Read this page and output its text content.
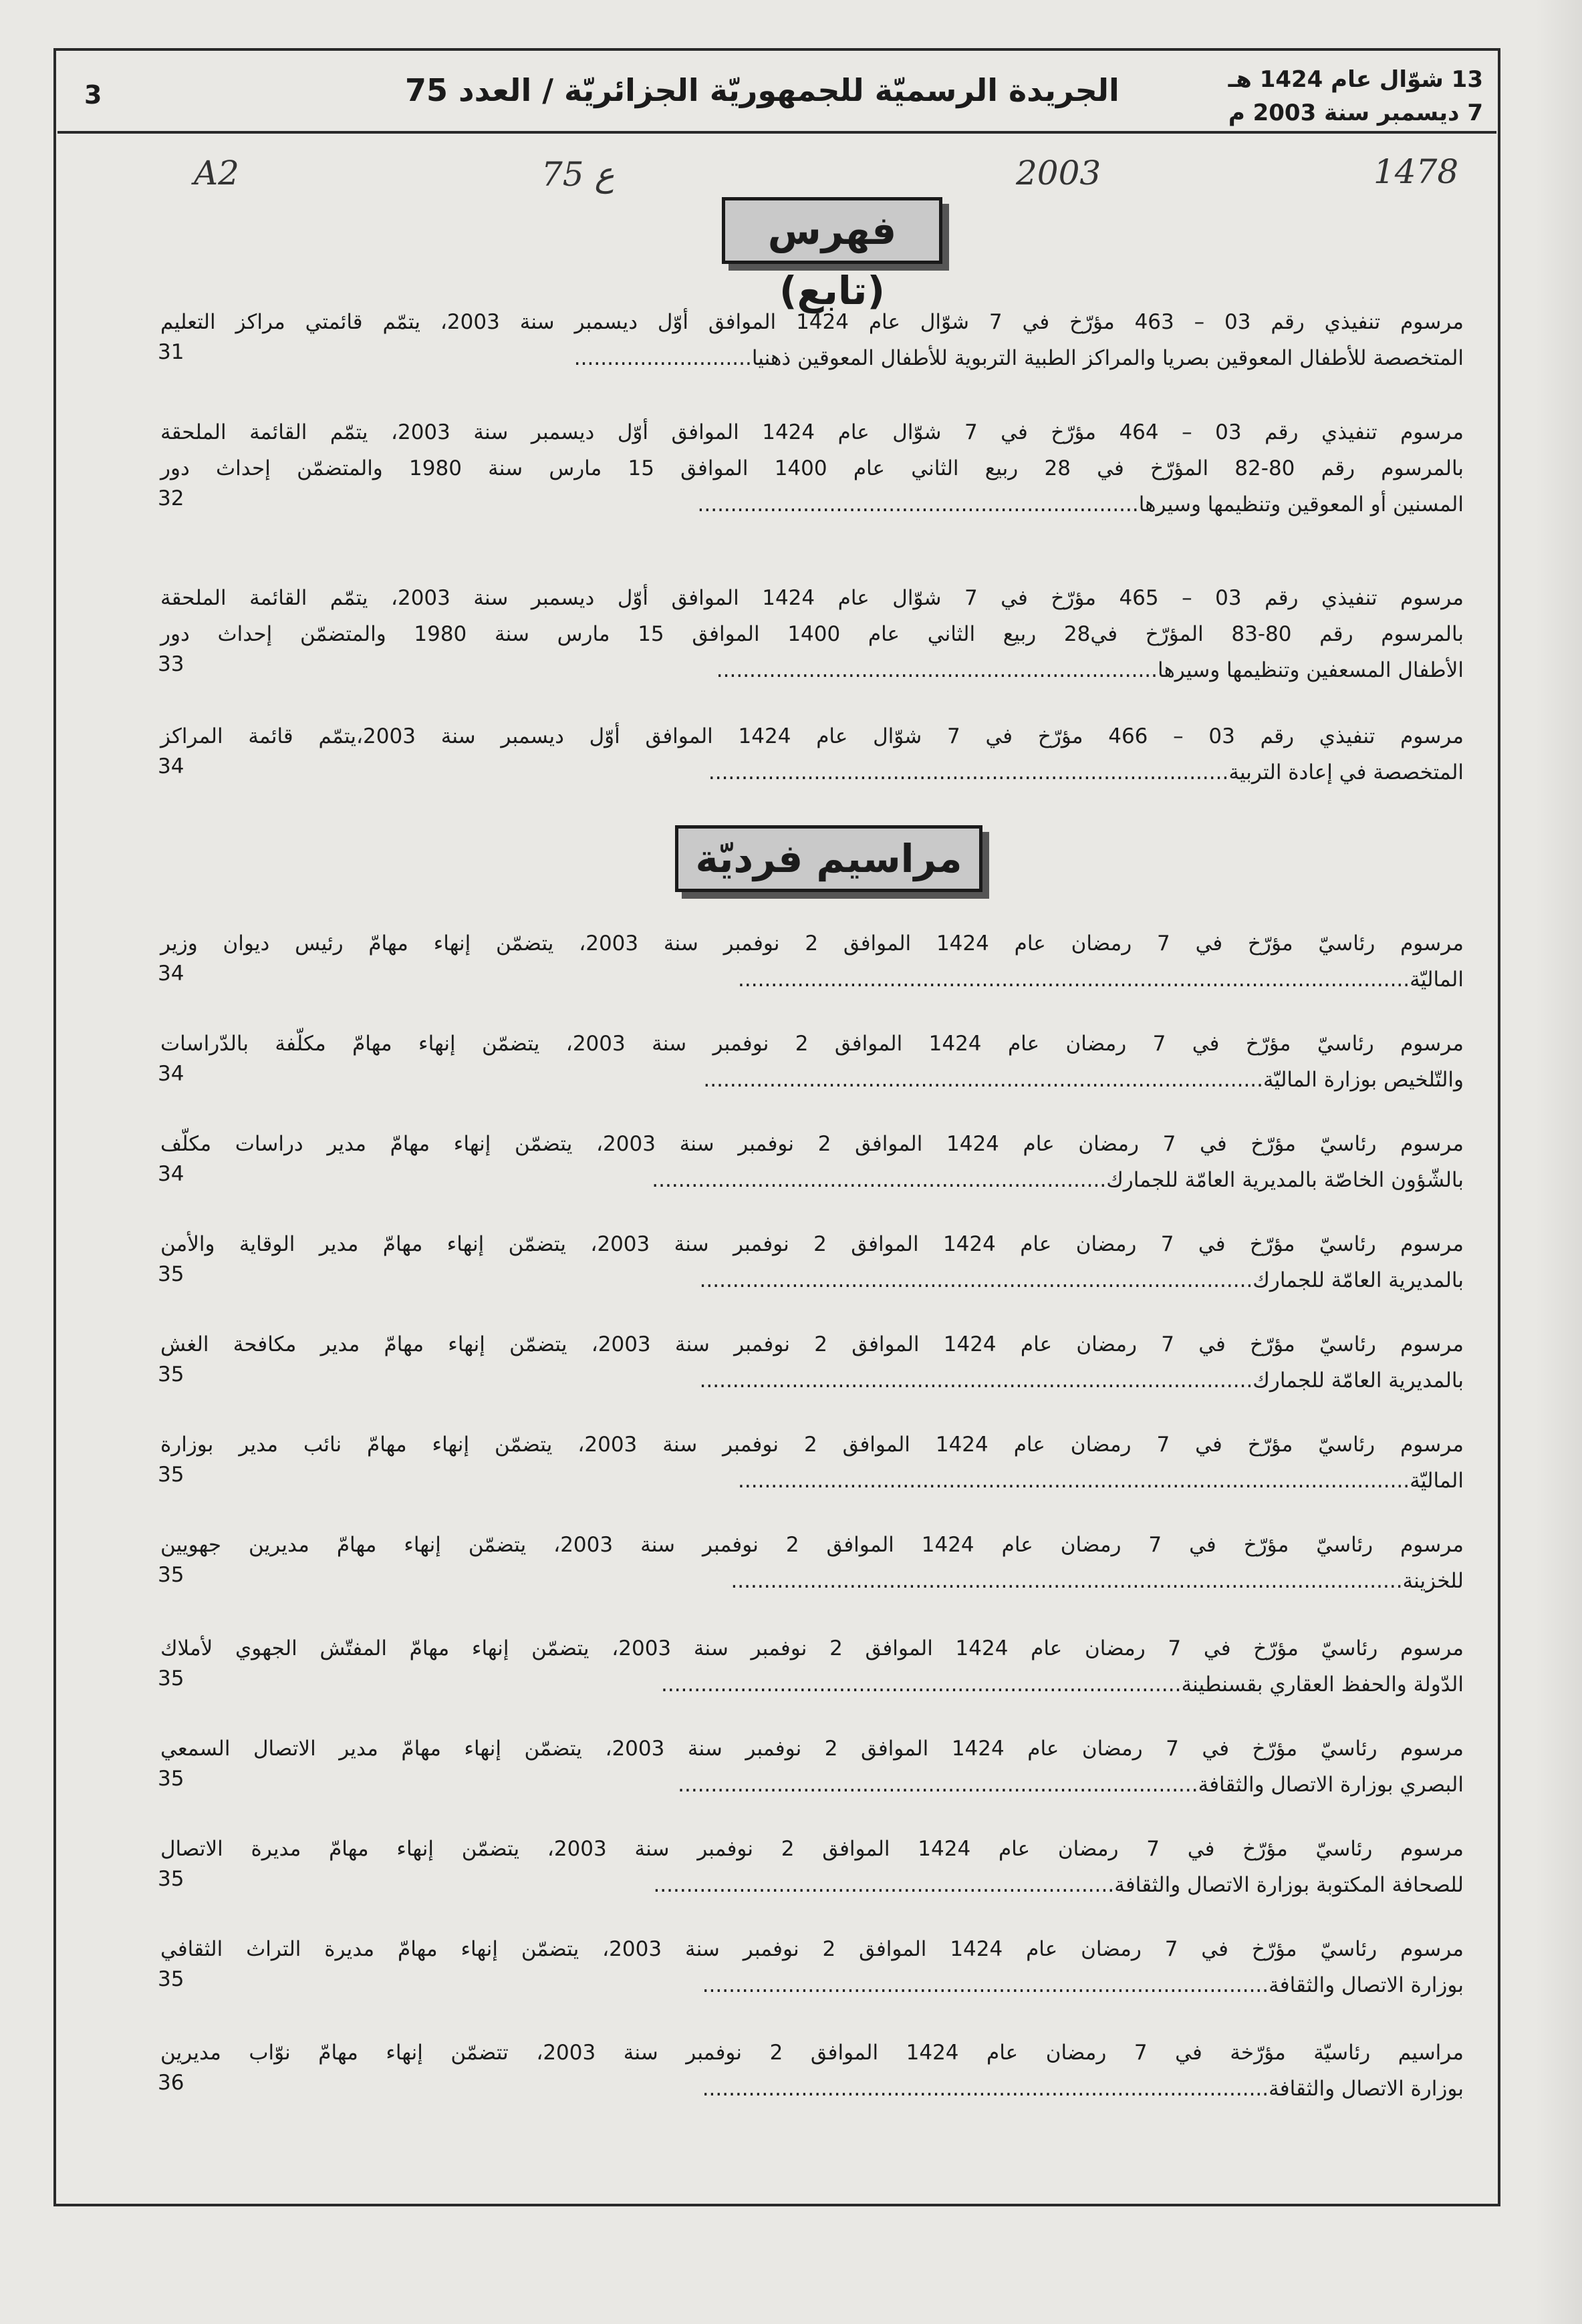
3	الجريدة الرسميّة للجمهوريّة الجزائريّة / العدد 75	13 شوّال عام 1424 هـ
7 ديسمبر سنة 2003 م
A2	75 ع	2003	1478
فهرس (تابع)
مرسوم تنفيذي رقم 03 – 463 مؤرّخ في 7 شوّال عام 1424 الموافق أوّل ديسمبر سنة 2003، يتمّم قائمتي مراكز التعليم
المتخصصة للأطفال المعوقين بصريا والمراكز الطبية التربوية للأطفال المعوقين ذهنيا...........................
31
مرسوم تنفيذي رقم 03 – 464 مؤرّخ في 7 شوّال عام 1424 الموافق أوّل ديسمبر سنة 2003، يتمّم القائمة الملحقة
بالمرسوم رقم 80-82 المؤرّخ في 28 ربيع الثاني عام 1400 الموافق 15 مارس سنة 1980 والمتضمّن إحداث دور
المسنين أو المعوقين وتنظيمها وسيرها...................................................................
32
مرسوم تنفيذي رقم 03 – 465 مؤرّخ في 7 شوّال عام 1424 الموافق أوّل ديسمبر سنة 2003، يتمّم القائمة الملحقة
بالمرسوم رقم 80-83 المؤرّخ في28 ربيع الثاني عام 1400 الموافق 15 مارس سنة 1980 والمتضمّن إحداث دور
الأطفال المسعفين وتنظيمها وسيرها...................................................................
33
مرسوم تنفيذي رقم 03 – 466 مؤرّخ في 7 شوّال عام 1424 الموافق أوّل ديسمبر سنة 2003،يتمّم قائمة المراكز
المتخصصة في إعادة التربية...............................................................................
34
مراسيم فرديّة
مرسوم رئاسيّ مؤرّخ في 7 رمضان عام 1424 الموافق 2 نوفمبر سنة 2003، يتضمّن إنهاء مهامّ رئيس ديوان وزير
الماليّة......................................................................................................
34
مرسوم رئاسيّ مؤرّخ في 7 رمضان عام 1424 الموافق 2 نوفمبر سنة 2003، يتضمّن إنهاء مهامّ مكلّفة بالدّراسات
والتّلخيص بوزارة الماليّة.....................................................................................
34
مرسوم رئاسيّ مؤرّخ في 7 رمضان عام 1424 الموافق 2 نوفمبر سنة 2003، يتضمّن إنهاء مهامّ مدير دراسات مكلّف
بالشّؤون الخاصّة بالمديرية العامّة للجمارك.....................................................................
34
مرسوم رئاسيّ مؤرّخ في 7 رمضان عام 1424 الموافق 2 نوفمبر سنة 2003، يتضمّن إنهاء مهامّ مدير الوقاية والأمن
بالمديرية العامّة للجمارك....................................................................................
35
مرسوم رئاسيّ مؤرّخ في 7 رمضان عام 1424 الموافق 2 نوفمبر سنة 2003، يتضمّن إنهاء مهامّ مدير مكافحة الغش
بالمديرية العامّة للجمارك....................................................................................
35
مرسوم رئاسيّ مؤرّخ في 7 رمضان عام 1424 الموافق 2 نوفمبر سنة 2003، يتضمّن إنهاء مهامّ نائب مدير بوزارة
الماليّة......................................................................................................
35
مرسوم رئاسيّ مؤرّخ في 7 رمضان عام 1424 الموافق 2 نوفمبر سنة 2003، يتضمّن إنهاء مهامّ مديرين جهويين
للخزينة......................................................................................................
35
مرسوم رئاسيّ مؤرّخ في 7 رمضان عام 1424 الموافق 2 نوفمبر سنة 2003، يتضمّن إنهاء مهامّ المفتّش الجهوي لأملاك
الدّولة والحفظ العقاري بقسنطينة...............................................................................
35
مرسوم رئاسيّ مؤرّخ في 7 رمضان عام 1424 الموافق 2 نوفمبر سنة 2003، يتضمّن إنهاء مهامّ مدير الاتصال السمعي
البصري بوزارة الاتصال والثقافة...............................................................................
35
مرسوم رئاسيّ مؤرّخ في 7 رمضان عام 1424 الموافق 2 نوفمبر سنة 2003، يتضمّن إنهاء مهامّ مديرة الاتصال
للصحافة المكتوبة بوزارة الاتصال والثقافة......................................................................
35
مرسوم رئاسيّ مؤرّخ في 7 رمضان عام 1424 الموافق 2 نوفمبر سنة 2003، يتضمّن إنهاء مهامّ مديرة التراث الثقافي
بوزارة الاتصال والثقافة......................................................................................
35
مراسيم رئاسيّة مؤرّخة في 7 رمضان عام 1424 الموافق 2 نوفمبر سنة 2003، تتضمّن إنهاء مهامّ نوّاب مديرين
بوزارة الاتصال والثقافة......................................................................................
36
